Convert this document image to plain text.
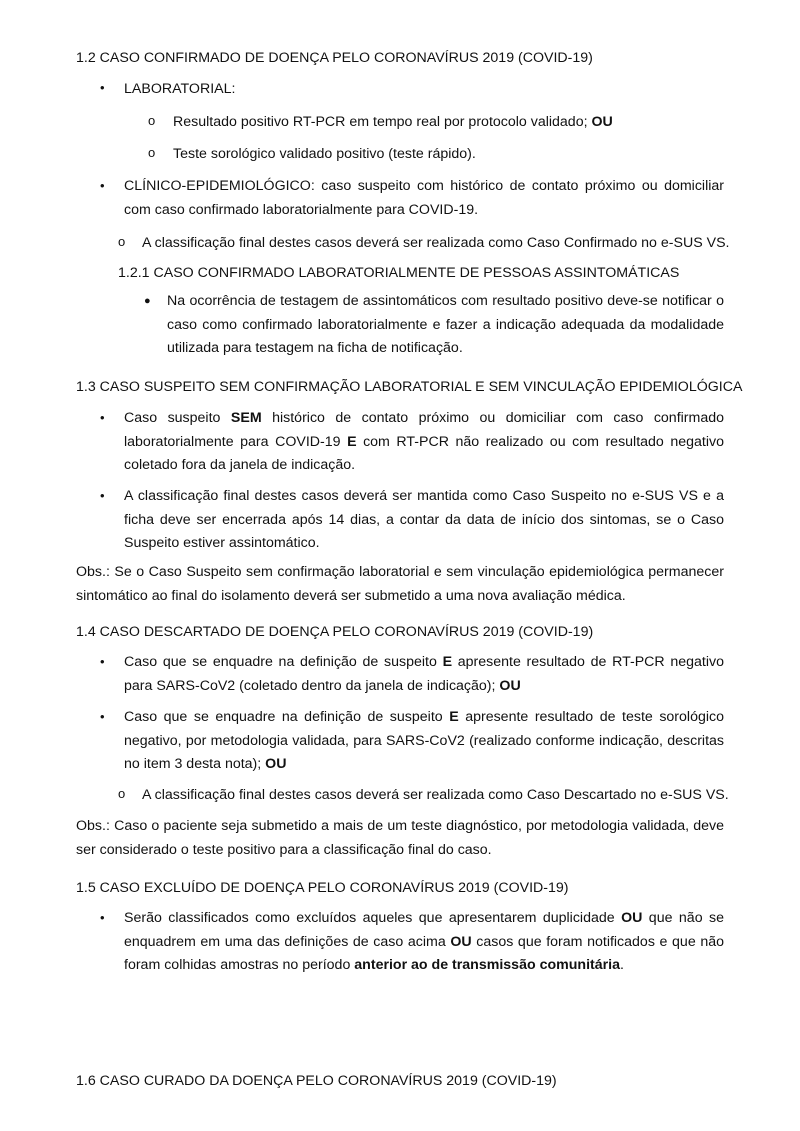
1.2 CASO CONFIRMADO DE DOENÇA PELO CORONAVÍRUS 2019 (COVID-19)
• LABORATORIAL:
o Resultado positivo RT-PCR em tempo real por protocolo validado; OU
o Teste sorológico validado positivo (teste rápido).
• CLÍNICO-EPIDEMIOLÓGICO: caso suspeito com histórico de contato próximo ou domiciliar com caso confirmado laboratorialmente para COVID-19.
o A classificação final destes casos deverá ser realizada como Caso Confirmado no e-SUS VS.
1.2.1 CASO CONFIRMADO LABORATORIALMENTE DE PESSOAS ASSINTOMÁTICAS
● Na ocorrência de testagem de assintomáticos com resultado positivo deve-se notificar o caso como confirmado laboratorialmente e fazer a indicação adequada da modalidade utilizada para testagem na ficha de notificação.
1.3 CASO SUSPEITO SEM CONFIRMAÇÃO LABORATORIAL E SEM VINCULAÇÃO EPIDEMIOLÓGICA
• Caso suspeito SEM histórico de contato próximo ou domiciliar com caso confirmado laboratorialmente para COVID-19 E com RT-PCR não realizado ou com resultado negativo coletado fora da janela de indicação.
• A classificação final destes casos deverá ser mantida como Caso Suspeito no e-SUS VS e a ficha deve ser encerrada após 14 dias, a contar da data de início dos sintomas, se o Caso Suspeito estiver assintomático.
Obs.: Se o Caso Suspeito sem confirmação laboratorial e sem vinculação epidemiológica permanecer sintomático ao final do isolamento deverá ser submetido a uma nova avaliação médica.
1.4 CASO DESCARTADO DE DOENÇA PELO CORONAVÍRUS 2019 (COVID-19)
• Caso que se enquadre na definição de suspeito E apresente resultado de RT-PCR negativo para SARS-CoV2 (coletado dentro da janela de indicação); OU
• Caso que se enquadre na definição de suspeito E apresente resultado de teste sorológico negativo, por metodologia validada, para SARS-CoV2 (realizado conforme indicação, descritas no item 3 desta nota); OU
o A classificação final destes casos deverá ser realizada como Caso Descartado no e-SUS VS.
Obs.: Caso o paciente seja submetido a mais de um teste diagnóstico, por metodologia validada, deve ser considerado o teste positivo para a classificação final do caso.
1.5 CASO EXCLUÍDO DE DOENÇA PELO CORONAVÍRUS 2019 (COVID-19)
• Serão classificados como excluídos aqueles que apresentarem duplicidade OU que não se enquadrem em uma das definições de caso acima OU casos que foram notificados e que não foram colhidas amostras no período anterior ao de transmissão comunitária.
1.6 CASO CURADO DA DOENÇA PELO CORONAVÍRUS 2019 (COVID-19)
